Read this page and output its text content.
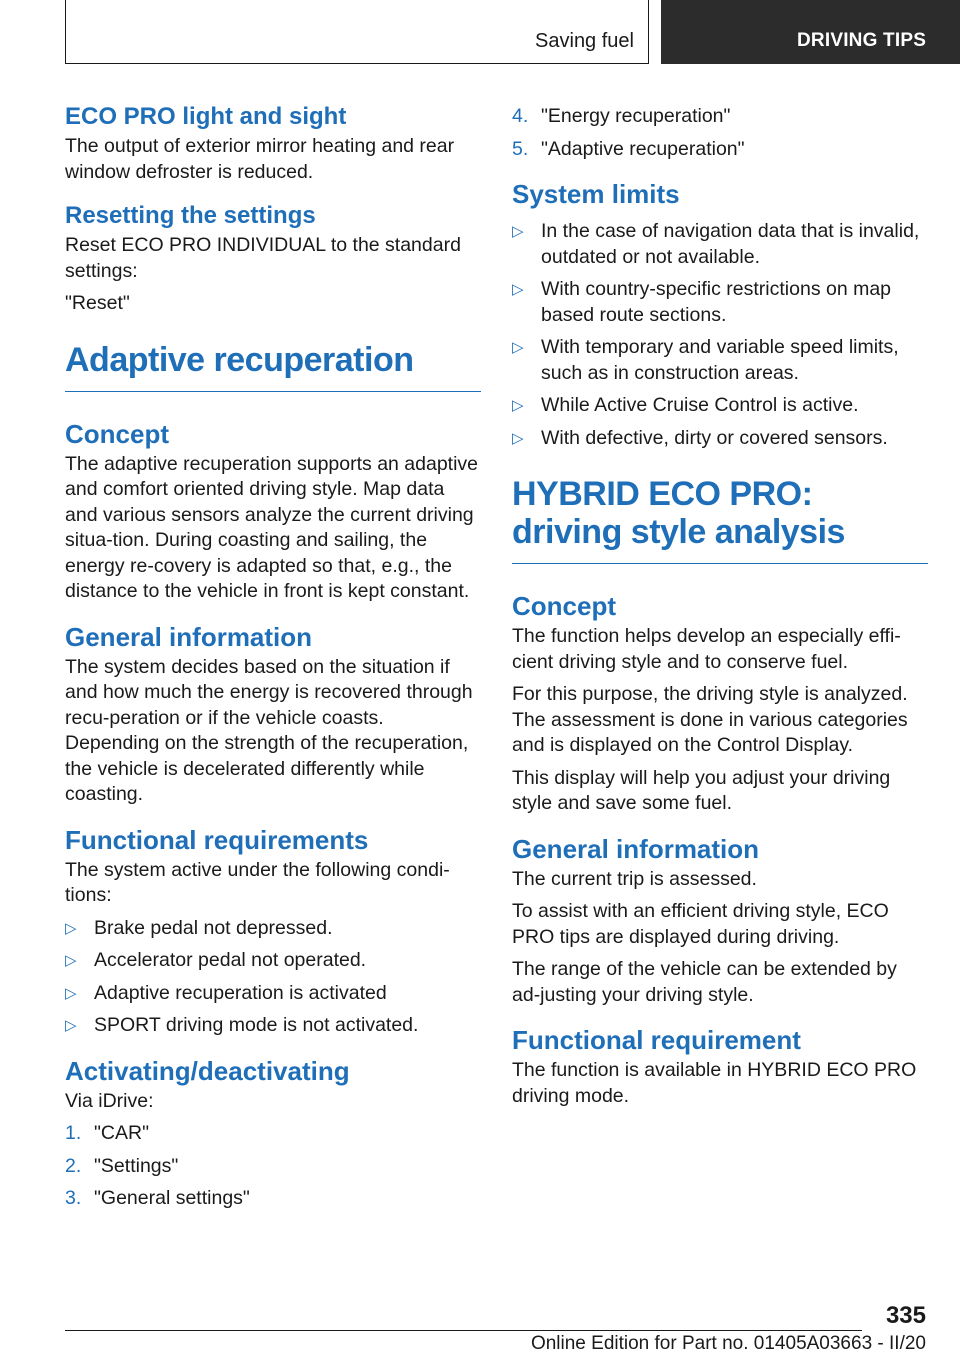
Saving fuel	DRIVING TIPS
ECO PRO light and sight

The output of exterior mirror heating and rear window defroster is reduced.

Resetting the settings

Reset ECO PRO INDIVIDUAL to the standard settings:

"Reset"

Adaptive recuperation
Concept

The adaptive recuperation supports an adaptive and comfort oriented driving style. Map data and various sensors analyze the current driving situa-tion. During coasting and sailing, the energy re-covery is adapted so that, e.g., the distance to the vehicle in front is kept constant.

General information

The system decides based on the situation if and how much the energy is recovered through recu-peration or if the vehicle coasts. Depending on the strength of the recuperation, the vehicle is decelerated differently while coasting.

Functional requirements

The system active under the following condi-tions:

▷ Brake pedal not depressed.
▷ Accelerator pedal not operated.
▷ Adaptive recuperation is activated
▷ SPORT driving mode is not activated.
Activating/deactivating

Via iDrive:

1. "CAR"
2. "Settings"
3. "General settings"
4. "Energy recuperation"
5. "Adaptive recuperation"
System limits
▷ In the case of navigation data that is invalid, outdated or not available.
▷ With country-specific restrictions on map based route sections.
▷ With temporary and variable speed limits, such as in construction areas.
▷ While Active Cruise Control is active.
▷ With defective, dirty or covered sensors.
HYBRID ECO PRO: driving style analysis
Concept

The function helps develop an especially effi-cient driving style and to conserve fuel.

For this purpose, the driving style is analyzed. The assessment is done in various categories and is displayed on the Control Display.

This display will help you adjust your driving style and save some fuel.

General information

The current trip is assessed.

To assist with an efficient driving style, ECO PRO tips are displayed during driving.

The range of the vehicle can be extended by ad-justing your driving style.

Functional requirement

The function is available in HYBRID ECO PRO driving mode.

335
Online Edition for Part no. 01405A03663 - II/20
